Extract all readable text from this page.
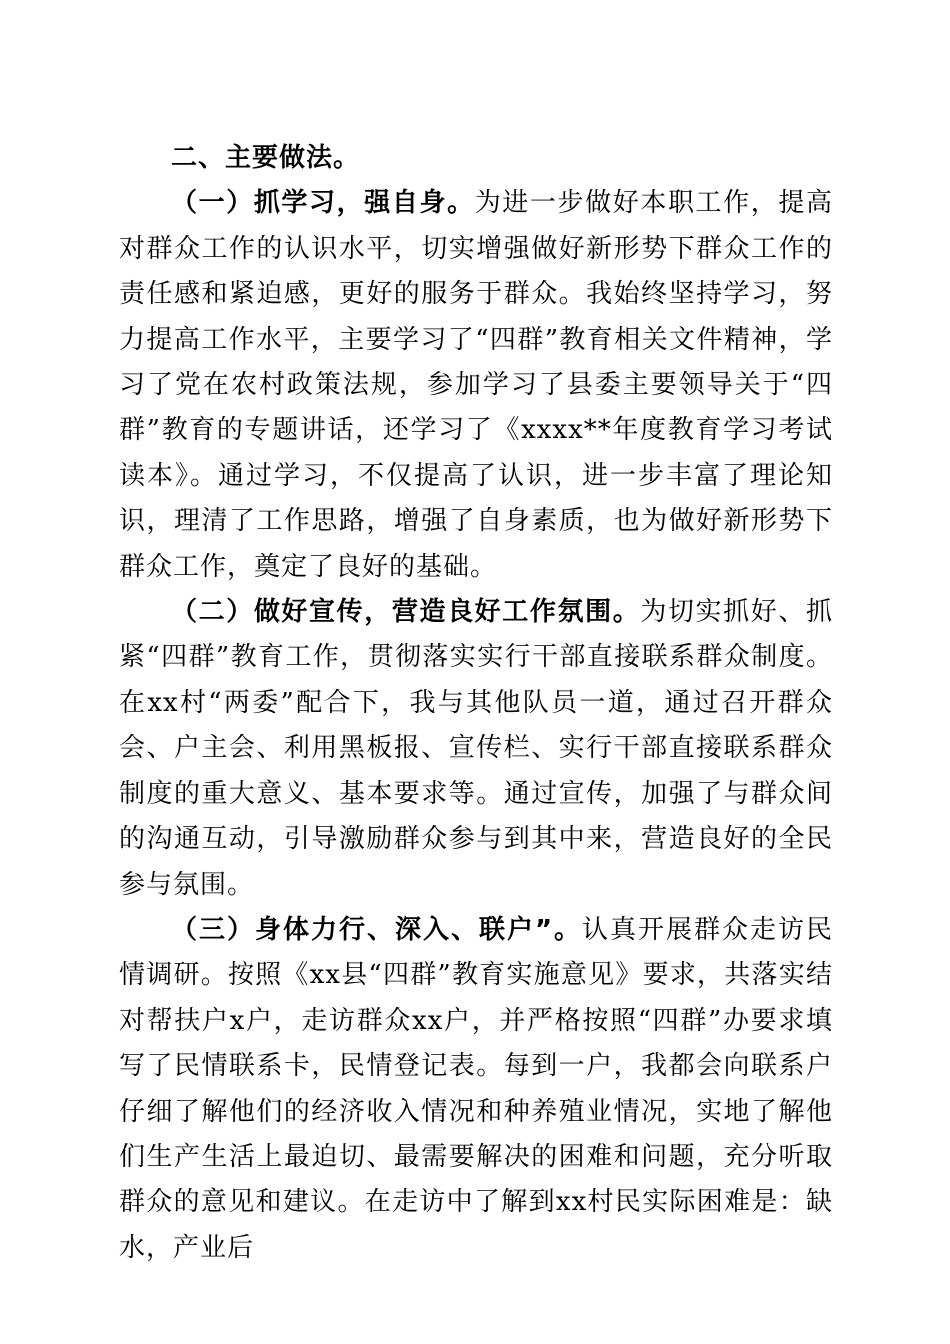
二、主要做法。

（一）抓学习，强自身。为进一步做好本职工作，提高对群众工作的认识水平，切实增强做好新形势下群众工作的责任感和紧迫感，更好的服务于群众。我始终坚持学习，努力提高工作水平，主要学习了“四群”教育相关文件精神，学习了党在农村政策法规，参加学习了县委主要领导关于“四群”教育的专题讲话，还学习了《xxxx**年度教育学习考试读本》。通过学习，不仅提高了认识，进一步丰富了理论知识，理清了工作思路，增强了自身素质，也为做好新形势下群众工作，奠定了良好的基础。

（二）做好宣传，营造良好工作氛围。为切实抓好、抓紧“四群”教育工作，贯彻落实实行干部直接联系群众制度。在xx村“两委”配合下，我与其他队员一道，通过召开群众会、户主会、利用黑板报、宣传栏、实行干部直接联系群众制度的重大意义、基本要求等。通过宣传，加强了与群众间的沟通互动，引导激励群众参与到其中来，营造良好的全民参与氛围。

（三）身体力行、深入、联户”。认真开展群众走访民情调研。按照《xx县“四群”教育实施意见》要求，共落实结对帮扶户x户，走访群众xx户，并严格按照“四群”办要求填写了民情联系卡，民情登记表。每到一户，我都会向联系户仔细了解他们的经济收入情况和种养殖业情况，实地了解他们生产生活上最迫切、最需要解决的困难和问题，充分听取群众的意见和建议。在走访中了解到xx村民实际困难是：缺水，产业后
